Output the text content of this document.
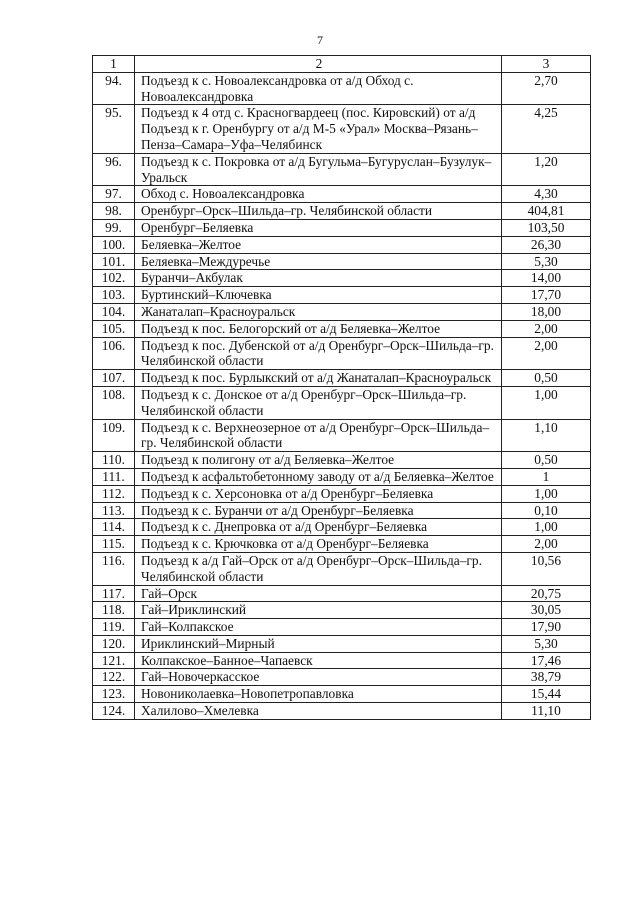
7
1	2	3
94.	Подъезд к с. Новоалександровка от а/д Обход с. Новоалександровка	2,70
95.	Подъезд к 4 отд с. Красногвардеец (пос. Кировский) от а/д Подъезд к г. Оренбургу от а/д М-5 «Урал» Москва–Рязань–Пенза–Самара–Уфа–Челябинск	4,25
96.	Подъезд к с. Покровка от а/д Бугульма–Бугуруслан–Бузулук–Уральск	1,20
97.	Обход с. Новоалександровка	4,30
98.	Оренбург–Орск–Шильда–гр. Челябинской области	404,81
99.	Оренбург–Беляевка	103,50
100.	Беляевка–Желтое	26,30
101.	Беляевка–Междуречье	5,30
102.	Буранчи–Акбулак	14,00
103.	Буртинский–Ключевка	17,70
104.	Жанаталап–Красноуральск	18,00
105.	Подъезд к пос. Белогорский от а/д Беляевка–Желтое	2,00
106.	Подъезд к пос. Дубенской от а/д Оренбург–Орск–Шильда–гр. Челябинской области	2,00
107.	Подъезд к пос. Бурлыкский от а/д Жанаталап–Красноуральск	0,50
108.	Подъезд к с. Донское от а/д Оренбург–Орск–Шильда–гр. Челябинской области	1,00
109.	Подъезд к с. Верхнеозерное от а/д Оренбург–Орск–Шильда–гр. Челябинской области	1,10
110.	Подъезд к полигону от а/д Беляевка–Желтое	0,50
111.	Подъезд к асфальтобетонному заводу от а/д Беляевка–Желтое	1
112.	Подъезд к с. Херсоновка от а/д Оренбург–Беляевка	1,00
113.	Подъезд к с. Буранчи от а/д Оренбург–Беляевка	0,10
114.	Подъезд к с. Днепровка от а/д Оренбург–Беляевка	1,00
115.	Подъезд к с. Крючковка от а/д Оренбург–Беляевка	2,00
116.	Подъезд к а/д Гай–Орск от а/д Оренбург–Орск–Шильда–гр. Челябинской области	10,56
117.	Гай–Орск	20,75
118.	Гай–Ириклинский	30,05
119.	Гай–Колпакское	17,90
120.	Ириклинский–Мирный	5,30
121.	Колпакское–Банное–Чапаевск	17,46
122.	Гай–Новочеркасское	38,79
123.	Новониколаевка–Новопетропавловка	15,44
124.	Халилово–Хмелевка	11,10
